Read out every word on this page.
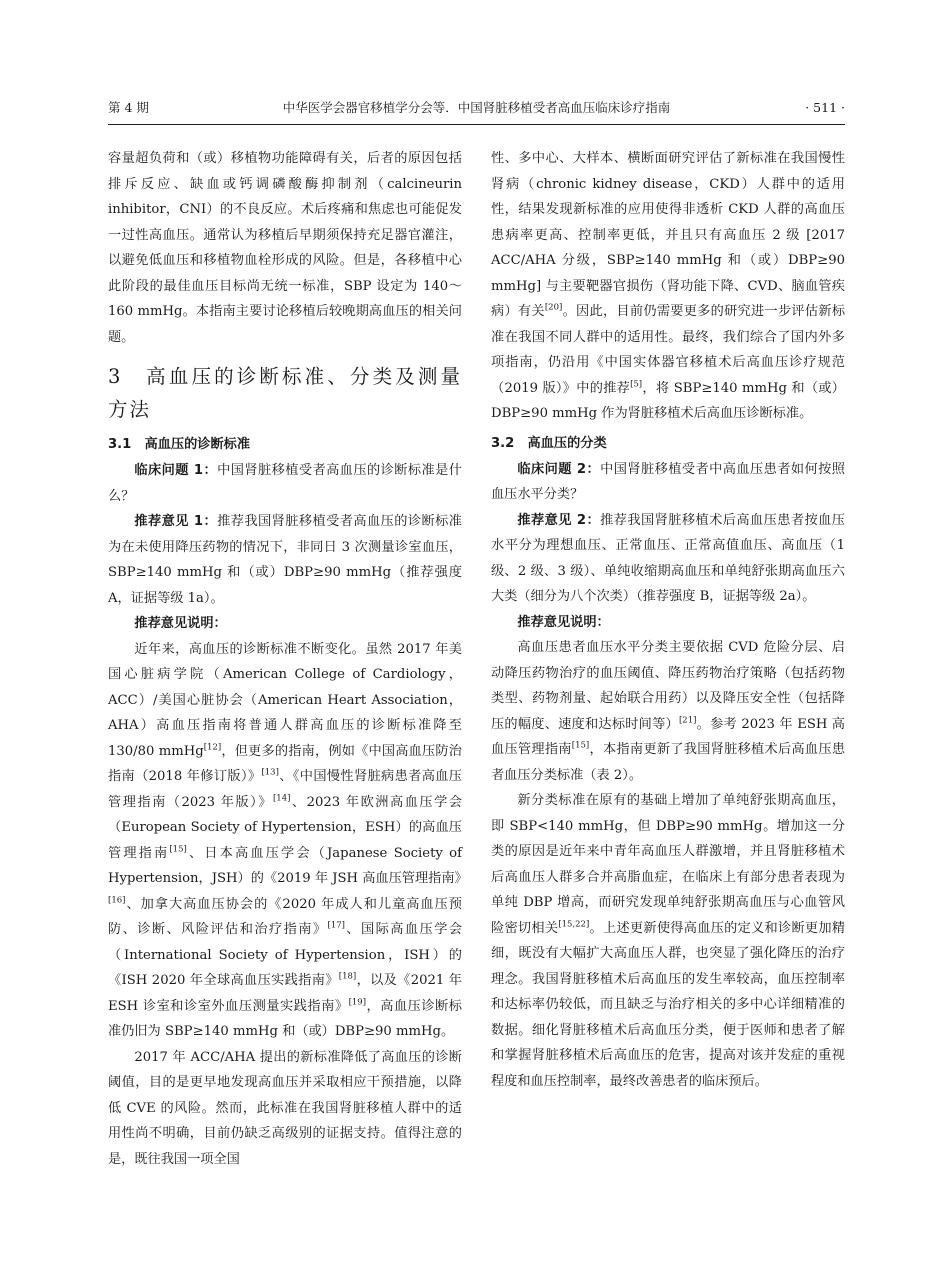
第 4 期	中华医学会器官移植学分会等．中国肾脏移植受者高血压临床诊疗指南	· 511 ·

容量超负荷和（或）移植物功能障碍有关，后者的原因包括排斥反应、缺血或钙调磷酸酶抑制剂（calcineurin inhibitor，CNI）的不良反应。术后疼痛和焦虑也可能促发一过性高血压。通常认为移植后早期须保持充足器官灌注，以避免低血压和移植物血栓形成的风险。但是，各移植中心此阶段的最佳血压目标尚无统一标准，SBP 设定为 140～160 mmHg。本指南主要讨论移植后较晚期高血压的相关问题。

3　高血压的诊断标准、分类及测量方法
3.1　高血压的诊断标准

临床问题 1：中国肾脏移植受者高血压的诊断标准是什么？

推荐意见 1：推荐我国肾脏移植受者高血压的诊断标准为在未使用降压药物的情况下，非同日 3 次测量诊室血压，SBP≥140 mmHg 和（或）DBP≥90 mmHg（推荐强度 A，证据等级 1a）。

推荐意见说明：

近年来，高血压的诊断标准不断变化。虽然 2017 年美国心脏病学院（American College of Cardiology，ACC）/美国心脏协会（American Heart Association，AHA）高血压指南将普通人群高血压的诊断标准降至 130/80 mmHg[12]，但更多的指南，例如《中国高血压防治指南（2018 年修订版）》[13]、《中国慢性肾脏病患者高血压管理指南（2023 年版）》[14]、2023 年欧洲高血压学会（European Society of Hypertension，ESH）的高血压管理指南[15]、日本高血压学会（Japanese Society of Hypertension，JSH）的《2019 年 JSH 高血压管理指南》[16]、加拿大高血压协会的《2020 年成人和儿童高血压预防、诊断、风险评估和治疗指南》[17]、国际高血压学会（International Society of Hypertension，ISH）的《ISH 2020 年全球高血压实践指南》[18]，以及《2021 年 ESH 诊室和诊室外血压测量实践指南》[19]，高血压诊断标准仍旧为 SBP≥140 mmHg 和（或）DBP≥90 mmHg。

2017 年 ACC/AHA 提出的新标准降低了高血压的诊断阈值，目的是更早地发现高血压并采取相应干预措施，以降低 CVE 的风险。然而，此标准在我国肾脏移植人群中的适用性尚不明确，目前仍缺乏高级别的证据支持。值得注意的是，既往我国一项全国

性、多中心、大样本、横断面研究评估了新标准在我国慢性肾病（chronic kidney disease，CKD）人群中的适用性，结果发现新标准的应用使得非透析 CKD 人群的高血压患病率更高、控制率更低，并且只有高血压 2 级 [2017 ACC/AHA 分级，SBP≥140 mmHg 和（或）DBP≥90 mmHg] 与主要靶器官损伤（肾功能下降、CVD、脑血管疾病）有关[20]。因此，目前仍需要更多的研究进一步评估新标准在我国不同人群中的适用性。最终，我们综合了国内外多项指南，仍沿用《中国实体器官移植术后高血压诊疗规范（2019 版）》中的推荐[5]，将 SBP≥140 mmHg 和（或）DBP≥90 mmHg 作为肾脏移植术后高血压诊断标准。

3.2　高血压的分类

临床问题 2：中国肾脏移植受者中高血压患者如何按照血压水平分类？

推荐意见 2：推荐我国肾脏移植术后高血压患者按血压水平分为理想血压、正常血压、正常高值血压、高血压（1 级、2 级、3 级）、单纯收缩期高血压和单纯舒张期高血压六大类（细分为八个次类）（推荐强度 B，证据等级 2a）。

推荐意见说明：

高血压患者血压水平分类主要依据 CVD 危险分层、启动降压药物治疗的血压阈值、降压药物治疗策略（包括药物类型、药物剂量、起始联合用药）以及降压安全性（包括降压的幅度、速度和达标时间等）[21]。参考 2023 年 ESH 高血压管理指南[15]，本指南更新了我国肾脏移植术后高血压患者血压分类标准（表 2）。

新分类标准在原有的基础上增加了单纯舒张期高血压，即 SBP<140 mmHg，但 DBP≥90 mmHg。增加这一分类的原因是近年来中青年高血压人群激增，并且肾脏移植术后高血压人群多合并高脂血症，在临床上有部分患者表现为单纯 DBP 增高，而研究发现单纯舒张期高血压与心血管风险密切相关[15,22]。上述更新使得高血压的定义和诊断更加精细，既没有大幅扩大高血压人群，也突显了强化降压的治疗理念。我国肾脏移植术后高血压的发生率较高，血压控制率和达标率仍较低，而且缺乏与治疗相关的多中心详细精准的数据。细化肾脏移植术后高血压分类，便于医师和患者了解和掌握肾脏移植术后高血压的危害，提高对该并发症的重视程度和血压控制率，最终改善患者的临床预后。
